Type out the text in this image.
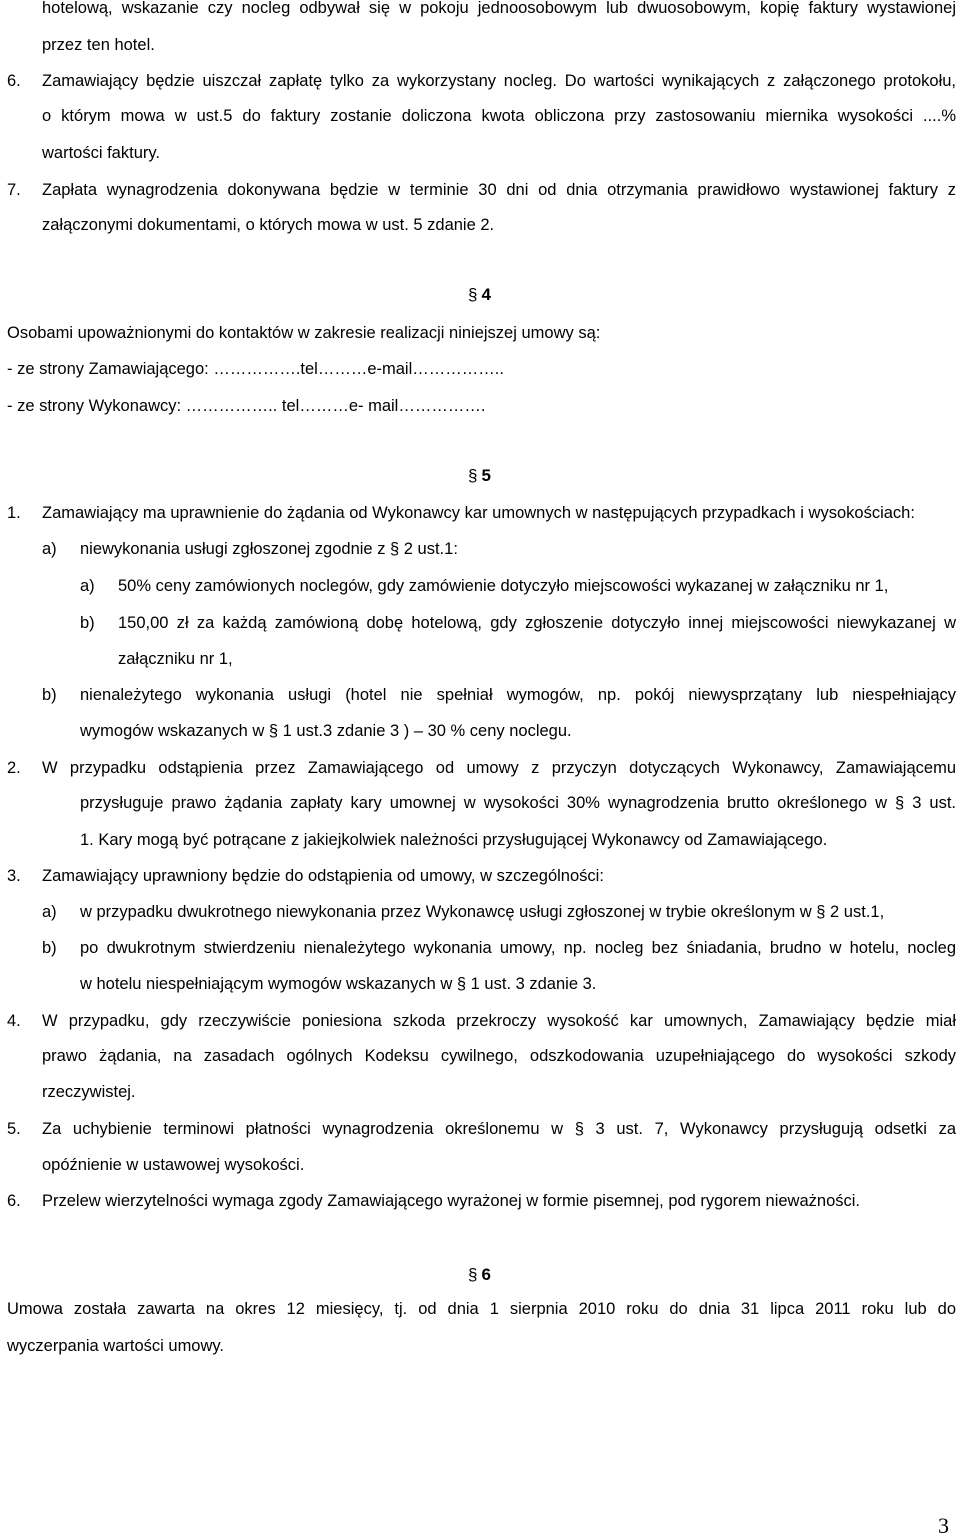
hotelową, wskazanie czy nocleg odbywał się w pokoju jednoosobowym lub dwuosobowym, kopię faktury wystawionej
przez ten hotel.
6. Zamawiający będzie uiszczał zapłatę tylko za wykorzystany nocleg. Do wartości wynikających z załączonego protokołu,
o którym mowa w ust.5 do faktury zostanie doliczona kwota obliczona przy zastosowaniu miernika wysokości ....%
wartości faktury.
7. Zapłata wynagrodzenia dokonywana będzie w terminie 30 dni od dnia otrzymania prawidłowo wystawionej faktury z
załączonymi dokumentami, o których mowa w ust. 5 zdanie 2.
§ 4
Osobami upoważnionymi do kontaktów w zakresie realizacji niniejszej umowy są:
- ze strony Zamawiającego: …………….tel………e-mail……………..
- ze strony Wykonawcy: …………….. tel………e- mail…………….
§ 5
1. Zamawiający ma uprawnienie do żądania od Wykonawcy kar umownych w następujących przypadkach i wysokościach:
a) niewykonania usługi zgłoszonej zgodnie z § 2 ust.1:
a) 50% ceny zamówionych noclegów, gdy zamówienie dotyczyło miejscowości wykazanej w załączniku nr 1,
b) 150,00 zł za każdą zamówioną dobę hotelową, gdy zgłoszenie dotyczyło innej miejscowości niewykazanej w
załączniku nr 1,
b) nienależytego wykonania usługi (hotel nie spełniał wymogów, np. pokój niewysprzątany lub niespełniający
wymogów wskazanych w § 1 ust.3 zdanie 3 ) – 30 % ceny noclegu.
2. W przypadku odstąpienia przez Zamawiającego od umowy z przyczyn dotyczących Wykonawcy, Zamawiającemu
przysługuje prawo żądania zapłaty kary umownej w wysokości 30% wynagrodzenia brutto określonego w § 3 ust.
1. Kary mogą być potrącane z jakiejkolwiek należności przysługującej Wykonawcy od Zamawiającego.
3. Zamawiający uprawniony będzie do odstąpienia od umowy, w szczególności:
a) w przypadku dwukrotnego niewykonania przez Wykonawcę usługi zgłoszonej w trybie określonym w § 2 ust.1,
b) po dwukrotnym stwierdzeniu nienależytego wykonania umowy, np. nocleg bez śniadania, brudno w hotelu, nocleg
w hotelu niespełniającym wymogów wskazanych w § 1 ust. 3 zdanie 3.
4. W przypadku, gdy rzeczywiście poniesiona szkoda przekroczy wysokość kar umownych, Zamawiający będzie miał
prawo żądania, na zasadach ogólnych Kodeksu cywilnego, odszkodowania uzupełniającego do wysokości szkody
rzeczywistej.
5. Za uchybienie terminowi płatności wynagrodzenia określonemu w § 3 ust. 7, Wykonawcy przysługują odsetki za
opóźnienie w ustawowej wysokości.
6. Przelew wierzytelności wymaga zgody Zamawiającego wyrażonej w formie pisemnej, pod rygorem nieważności.
§ 6
Umowa została zawarta na okres 12 miesięcy, tj. od dnia 1 sierpnia 2010 roku do dnia 31 lipca 2011 roku lub do
wyczerpania wartości umowy.
3
